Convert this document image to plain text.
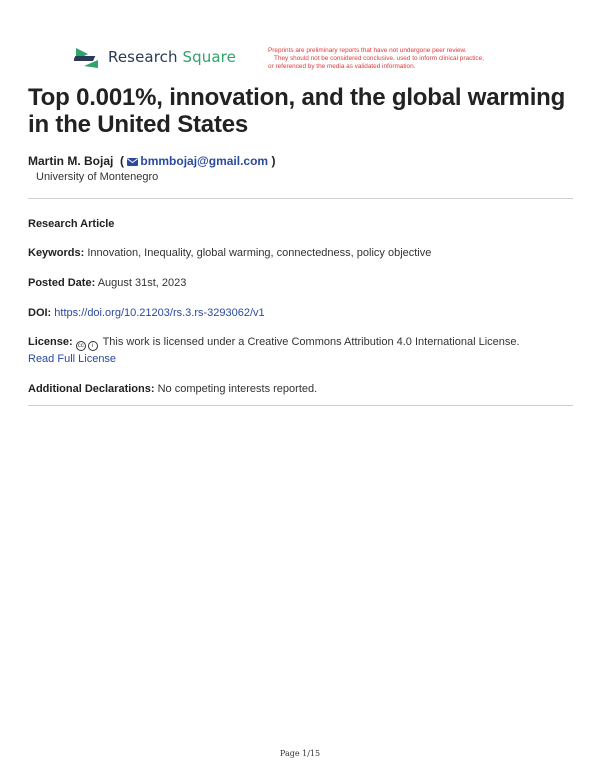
Research Square	Preprints are preliminary reports that have not undergone peer review.
They should not be considered conclusive, used to inform clinical practice,
or referenced by the media as validated information.
Top 0.001%, innovation, and the global warming in the United States
Martin M. Bojaj  ( bmmbojaj@gmail.com )
University of Montenegro
Research Article
Keywords: Innovation, Inequality, global warming, connectedness, policy objective
Posted Date: August 31st, 2023
DOI: https://doi.org/10.21203/rs.3.rs-3293062/v1
License: cc	i This work is licensed under a Creative Commons Attribution 4.0 International License.
Read Full License
Additional Declarations: No competing interests reported.
Page 1/15
